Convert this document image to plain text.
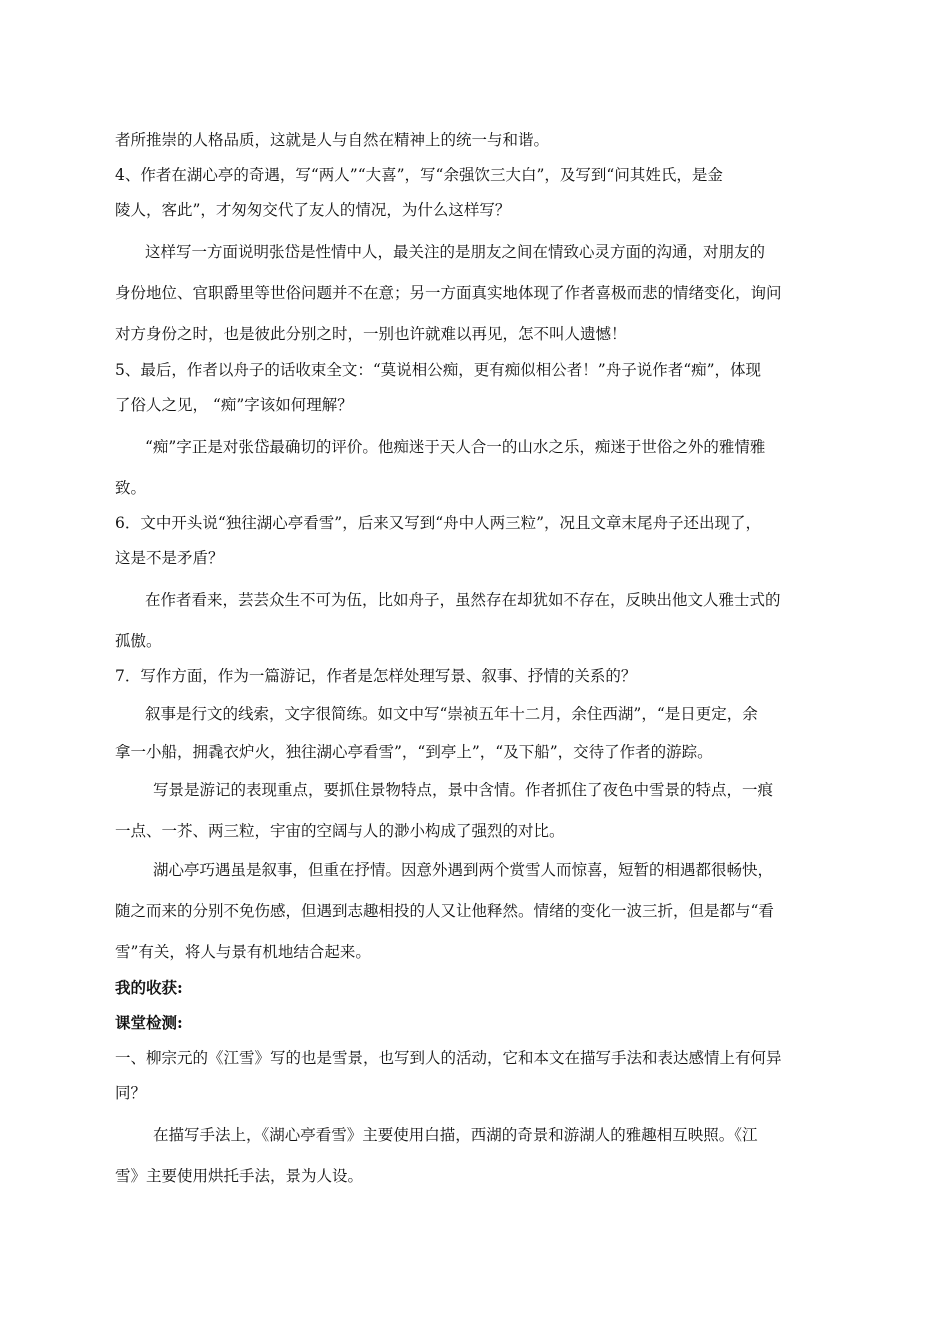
者所推崇的人格品质，这就是人与自然在精神上的统一与和谐。
4、作者在湖心亭的奇遇，写“两人”“大喜”，写“余强饮三大白”，及写到“问其姓氏，是金
陵人，客此”，才匆匆交代了友人的情况，为什么这样写？
这样写一方面说明张岱是性情中人，最关注的是朋友之间在情致心灵方面的沟通，对朋友的
身份地位、官职爵里等世俗问题并不在意；另一方面真实地体现了作者喜极而悲的情绪变化，询问
对方身份之时，也是彼此分别之时，一别也许就难以再见，怎不叫人遗憾！
5、最后，作者以舟子的话收束全文：“莫说相公痴，更有痴似相公者！”舟子说作者“痴”，体现
了俗人之见， “痴”字该如何理解？
“痴”字正是对张岱最确切的评价。他痴迷于天人合一的山水之乐，痴迷于世俗之外的雅情雅
致。
6．文中开头说“独往湖心亭看雪”，后来又写到“舟中人两三粒”，况且文章末尾舟子还出现了，
这是不是矛盾？
在作者看来，芸芸众生不可为伍，比如舟子，虽然存在却犹如不存在，反映出他文人雅士式的
孤傲。
7．写作方面，作为一篇游记，作者是怎样处理写景、叙事、抒情的关系的？
叙事是行文的线索，文字很简练。如文中写“崇祯五年十二月，余住西湖”，“是日更定，余
拿一小船，拥毳衣炉火，独往湖心亭看雪”，“到亭上”，“及下船”，交待了作者的游踪。
写景是游记的表现重点，要抓住景物特点，景中含情。作者抓住了夜色中雪景的特点，一痕
一点、一芥、两三粒，宇宙的空阔与人的渺小构成了强烈的对比。
湖心亭巧遇虽是叙事，但重在抒情。因意外遇到两个赏雪人而惊喜，短暂的相遇都很畅快，
随之而来的分别不免伤感，但遇到志趣相投的人又让他释然。情绪的变化一波三折，但是都与“看
雪”有关，将人与景有机地结合起来。
我的收获:
课堂检测:
一、柳宗元的《江雪》写的也是雪景，也写到人的活动，它和本文在描写手法和表达感情上有何异
同？
在描写手法上，《湖心亭看雪》主要使用白描，西湖的奇景和游湖人的雅趣相互映照。《江
雪》主要使用烘托手法，景为人设。
